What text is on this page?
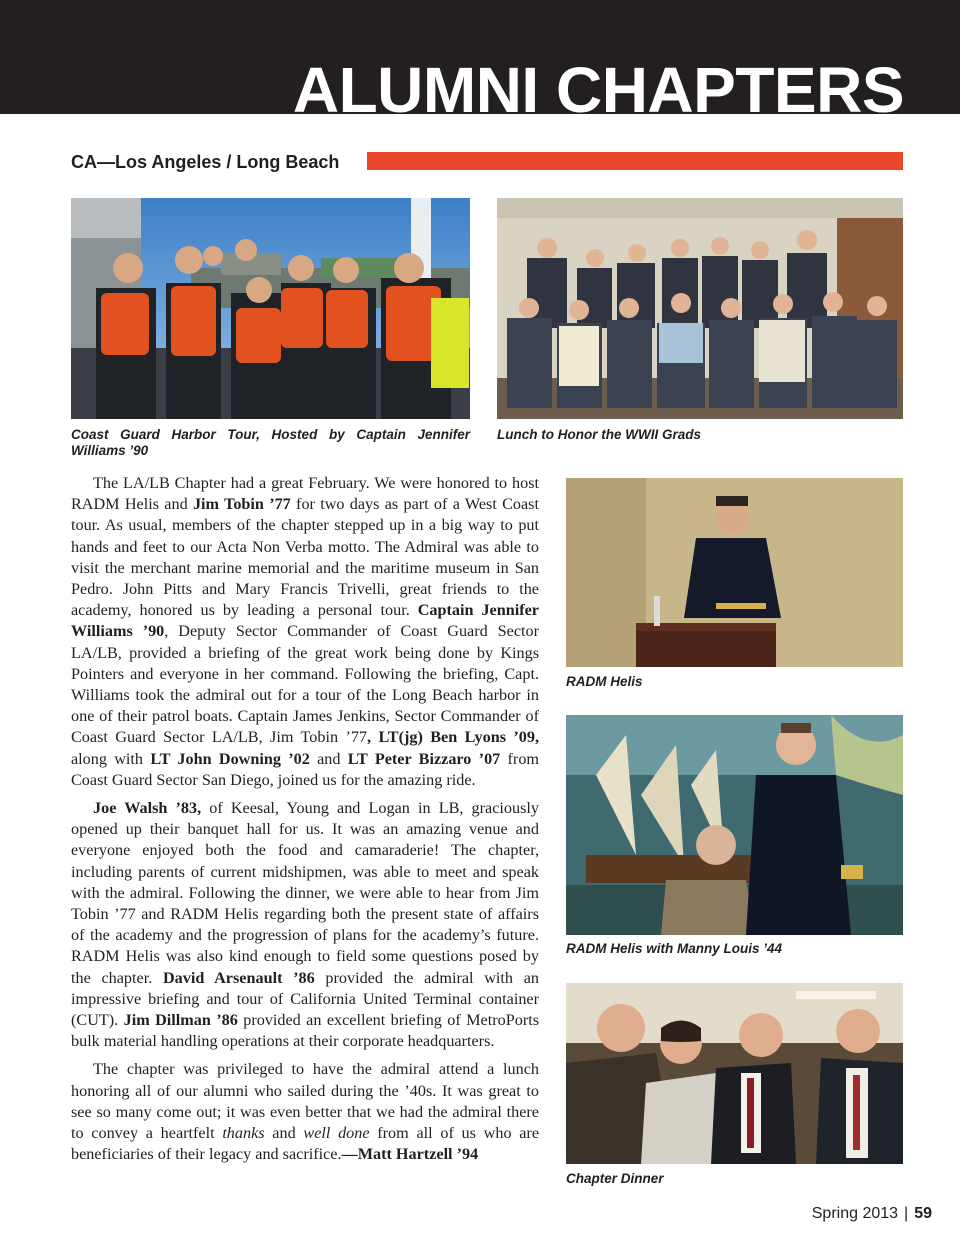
ALUMNI CHAPTERS
CA—Los Angeles / Long Beach
Coast Guard Harbor Tour, Hosted by Captain Jennifer Williams ’90
Lunch to Honor the WWII Grads

The LA/LB Chapter had a great February. We were honored to host RADM Helis and Jim Tobin ’77 for two days as part of a West Coast tour. As usual, members of the chapter stepped up in a big way to put hands and feet to our Acta Non Verba motto. The Admiral was able to visit the merchant marine memorial and the maritime museum in San Pedro. John Pitts and Mary Francis Trivelli, great friends to the academy, honored us by leading a personal tour. Captain Jennifer Williams ’90, Deputy Sector Commander of Coast Guard Sector LA/LB, provided a briefing of the great work being done by Kings Pointers and everyone in her command. Following the briefing, Capt. Williams took the admiral out for a tour of the Long Beach harbor in one of their patrol boats. Captain James Jenkins, Sector Commander of Coast Guard Sector LA/LB, Jim Tobin ’77, LT(jg) Ben Lyons ’09, along with LT John Downing ’02 and LT Peter Bizzaro ’07 from Coast Guard Sector San Diego, joined us for the amazing ride.

Joe Walsh ’83, of Keesal, Young and Logan in LB, graciously opened up their banquet hall for us. It was an amazing venue and everyone enjoyed both the food and camaraderie! The chapter, including parents of current midshipmen, was able to meet and speak with the admiral. Following the dinner, we were able to hear from Jim Tobin ’77 and RADM Helis regarding both the present state of affairs of the academy and the progression of plans for the academy’s future. RADM Helis was also kind enough to field some questions posed by the chapter. David Arsenault ’86 provided the admiral with an impressive briefing and tour of California United Terminal container (CUT). Jim Dillman ’86 provided an excellent briefing of MetroPorts bulk material handling operations at their corporate headquarters.

The chapter was privileged to have the admiral attend a lunch honoring all of our alumni who sailed during the ’40s. It was great to see so many come out; it was even better that we had the admiral there to convey a heartfelt thanks and well done from all of us who are beneficiaries of their legacy and sacrifice.—Matt Hartzell ’94

RADM Helis
RADM Helis with Manny Louis ’44
Chapter Dinner
Spring 2013 | 59
